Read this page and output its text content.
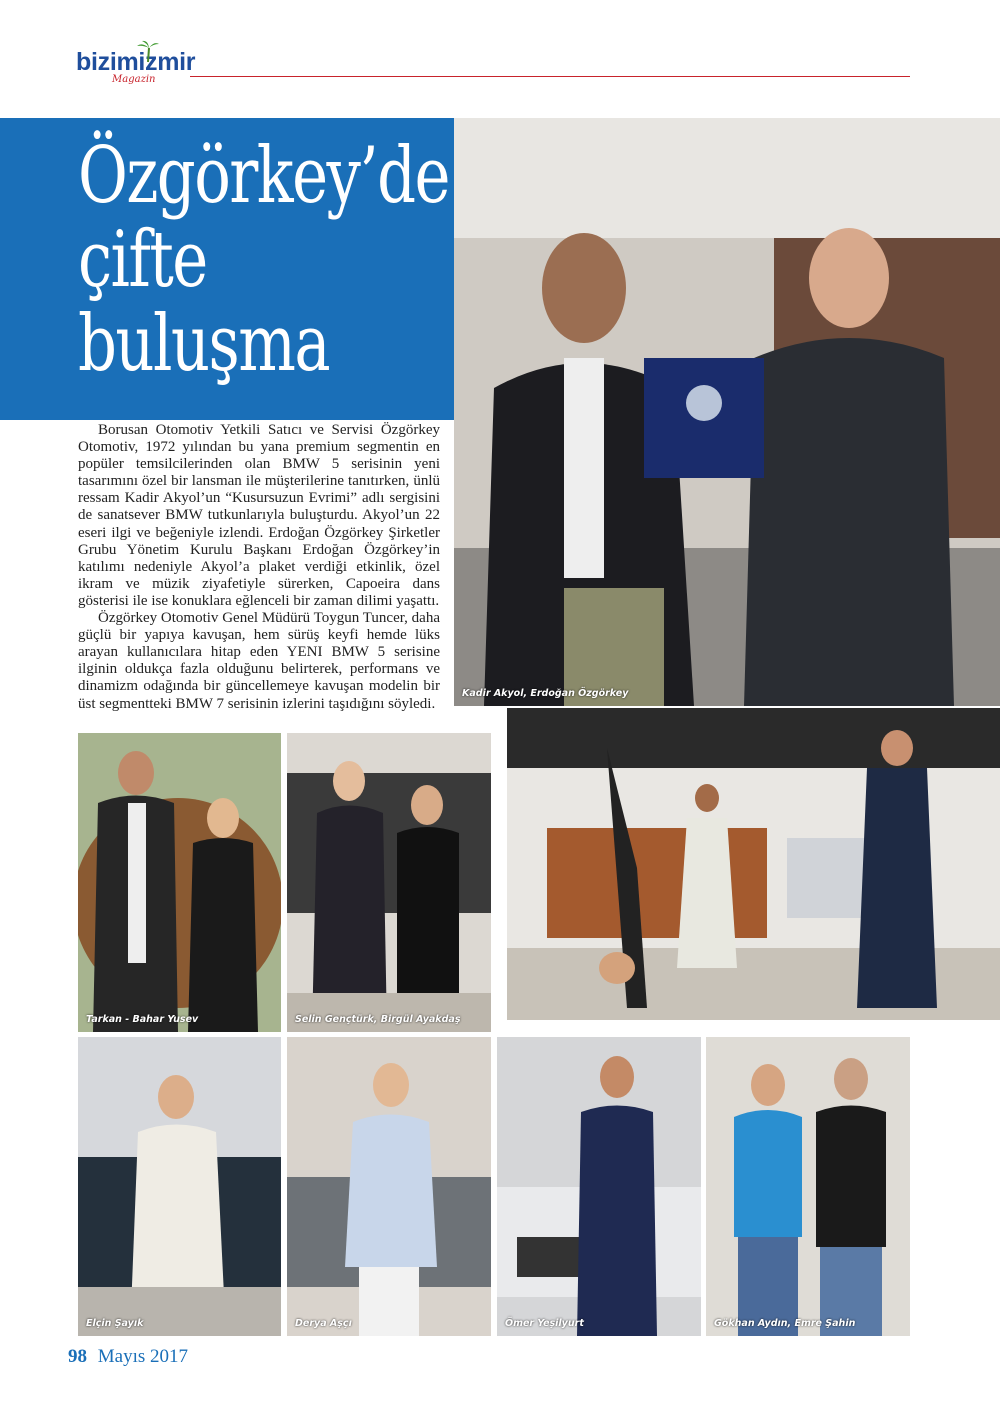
bizimizmir
Magazin
Özgörkey’de
çifte
buluşma

Borusan Otomotiv Yetkili Satıcı ve Servisi Özgörkey Otomotiv, 1972 yılından bu yana premium segmentin en popüler temsilcilerinden olan BMW 5 serisinin yeni tasarımını özel bir lansman ile müşterilerine tanıtırken, ünlü ressam Kadir Akyol’un “Kusursuzun Evrimi” adlı sergisini de sanatsever BMW tutkunlarıyla buluşturdu. Akyol’un 22 eseri ilgi ve beğeniyle izlendi. Erdoğan Özgörkey Şirketler Grubu Yönetim Kurulu Başkanı Erdoğan Özgörkey’in katılımı nedeniyle Akyol’a plaket verdiği etkinlik, özel ikram ve müzik ziyafetiyle sürerken, Capoeira dans gösterisi ile ise konuklara eğlenceli bir zaman dilimi yaşattı.

Özgörkey Otomotiv Genel Müdürü Toygun Tuncer, daha güçlü bir yapıya kavuşan, hem sürüş keyfi hemde lüks arayan kullanıcılara hitap eden YENI BMW 5 serisine ilginin oldukça fazla olduğunu belirterek, performans ve dinamizm odağında bir güncellemeye kavuşan modelin bir üst segmentteki BMW 7 serisinin izlerini taşıdığını söyledi.

Kadir Akyol, Erdoğan Özgörkey
Tarkan - Bahar Yusev	Selin Gençtürk, Birgül Ayakdaş
Elçin Şayık	Derya Aşçı	Ömer Yeşilyurt	Gökhan Aydın, Emre Şahin
98 Mayıs 2017
